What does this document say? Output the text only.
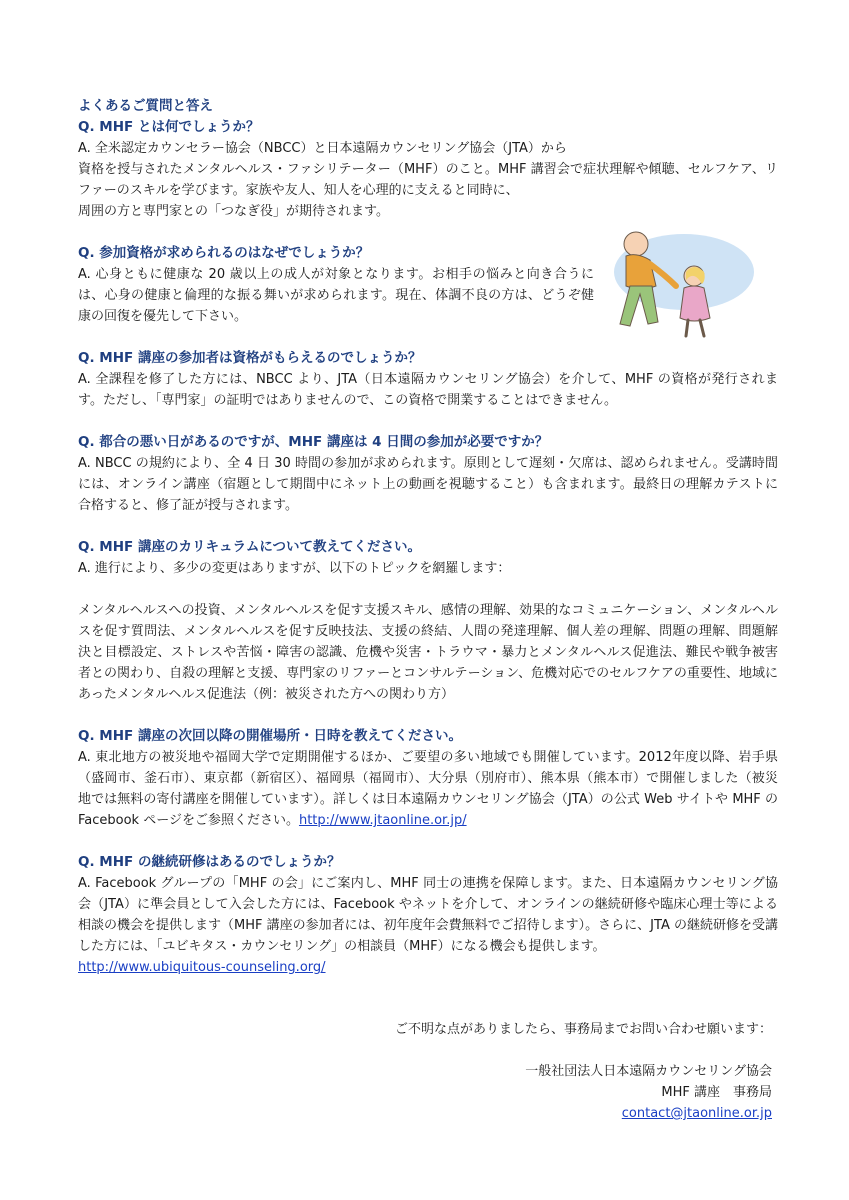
よくあるご質問と答え
Q. MHF とは何でしょうか？

A. 全米認定カウンセラー協会（NBCC）と日本遠隔カウンセリング協会（JTA）から

資格を授与されたメンタルヘルス・ファシリテーター（MHF）のこと。MHF 講習会で症状理解や傾聴、セルフケア、リファーのスキルを学びます。家族や友人、知人を心理的に支えると同時に、

周囲の方と専門家との「つなぎ役」が期待されます。

Q. 参加資格が求められるのはなぜでしょうか？

A. 心身ともに健康な 20 歳以上の成人が対象となります。お相手の悩みと向き合うには、心身の健康と倫理的な振る舞いが求められます。現在、体調不良の方は、どうぞ健康の回復を優先して下さい。

Q. MHF 講座の参加者は資格がもらえるのでしょうか？

A. 全課程を修了した方には、NBCC より、JTA（日本遠隔カウンセリング協会）を介して、MHF の資格が発行されます。ただし、「専門家」の証明ではありませんので、この資格で開業することはできません。

Q. 都合の悪い日があるのですが、MHF 講座は 4 日間の参加が必要ですか？

A. NBCC の規約により、全 4 日 30 時間の参加が求められます。原則として遅刻・欠席は、認められません。受講時間には、オンライン講座（宿題として期間中にネット上の動画を視聴すること）も含まれます。最終日の理解カテストに合格すると、修了証が授与されます。

Q. MHF 講座のカリキュラムについて教えてください。

A. 進行により、多少の変更はありますが、以下のトピックを網羅します：

メンタルヘルスへの投資、メンタルヘルスを促す支援スキル、感情の理解、効果的なコミュニケーション、メンタルヘルスを促す質問法、メンタルヘルスを促す反映技法、支援の終結、人間の発達理解、個人差の理解、問題の理解、問題解決と目標設定、ストレスや苦悩・障害の認識、危機や災害・トラウマ・暴力とメンタルヘルス促進法、難民や戦争被害者との関わり、自殺の理解と支援、専門家のリファーとコンサルテーション、危機対応でのセルフケアの重要性、地域にあったメンタルヘルス促進法（例：被災された方への関わり方）

Q. MHF 講座の次回以降の開催場所・日時を教えてください。
A. 東北地方の被災地や福岡大学で定期開催するほか、ご要望の多い地域でも開催しています。2012年度以降、岩手県（盛岡市、釜石市）、東京都（新宿区）、福岡県（福岡市）、大分県（別府市）、熊本県（熊本市）で開催しました（被災地では無料の寄付講座を開催しています）。詳しくは日本遠隔カウンセリング協会（JTA）の公式 Web サイトや MHF の Facebook ページをご参照ください。http://www.jtaonline.or.jp/
Q. MHF の継続研修はあるのでしょうか？
A. Facebook グループの「MHF の会」にご案内し、MHF 同士の連携を保障します。また、日本遠隔カウンセリング協会（JTA）に準会員として入会した方には、Facebook やネットを介して、オンラインの継続研修や臨床心理士等による相談の機会を提供します（MHF 講座の参加者には、初年度年会費無料でご招待します）。さらに、JTA の継続研修を受講した方には、「ユビキタス・カウンセリング」の相談員（MHF）になる機会も提供します。
http://www.ubiquitous-counseling.org/
ご不明な点がありましたら、事務局までお問い合わせ願います：
一般社団法人日本遠隔カウンセリング協会
MHF 講座　事務局
contact@jtaonline.or.jp
